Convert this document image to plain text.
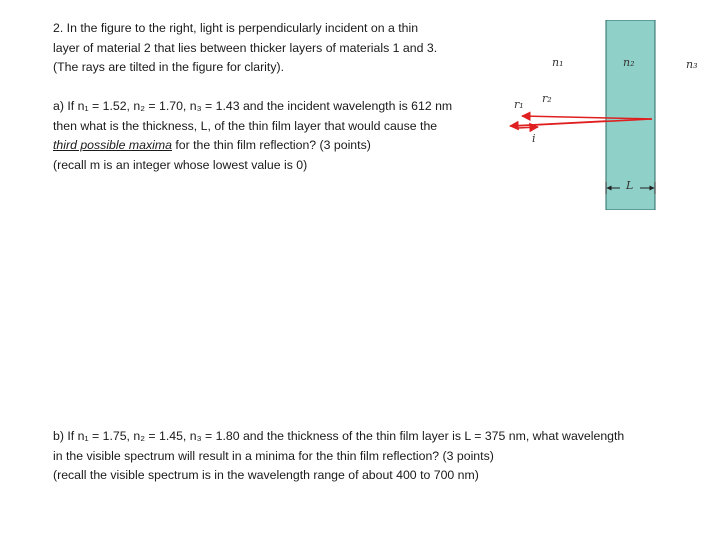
2. In the figure to the right, light is perpendicularly incident on a thin
layer of material 2 that lies between thicker layers of materials 1 and 3.
(The rays are tilted in the figure for clarity).
a) If n₁ = 1.52, n₂ = 1.70, n₃ = 1.43 and the incident wavelength is 612 nm
then what is the thickness, L, of the thin film layer that would cause the
third possible maxima for the thin film reflection? (3 points)
(recall m is an integer whose lowest value is 0)
b) If n₁ = 1.75, n₂ = 1.45, n₃ = 1.80 and the thickness of the thin film layer is L = 375 nm, what wavelength
in the visible spectrum will result in a minima for the thin film reflection? (3 points)
(recall the visible spectrum is in the wavelength range of about 400 to 700 nm)
n₁	n₂	n₃
r₁ r₂
i
L
